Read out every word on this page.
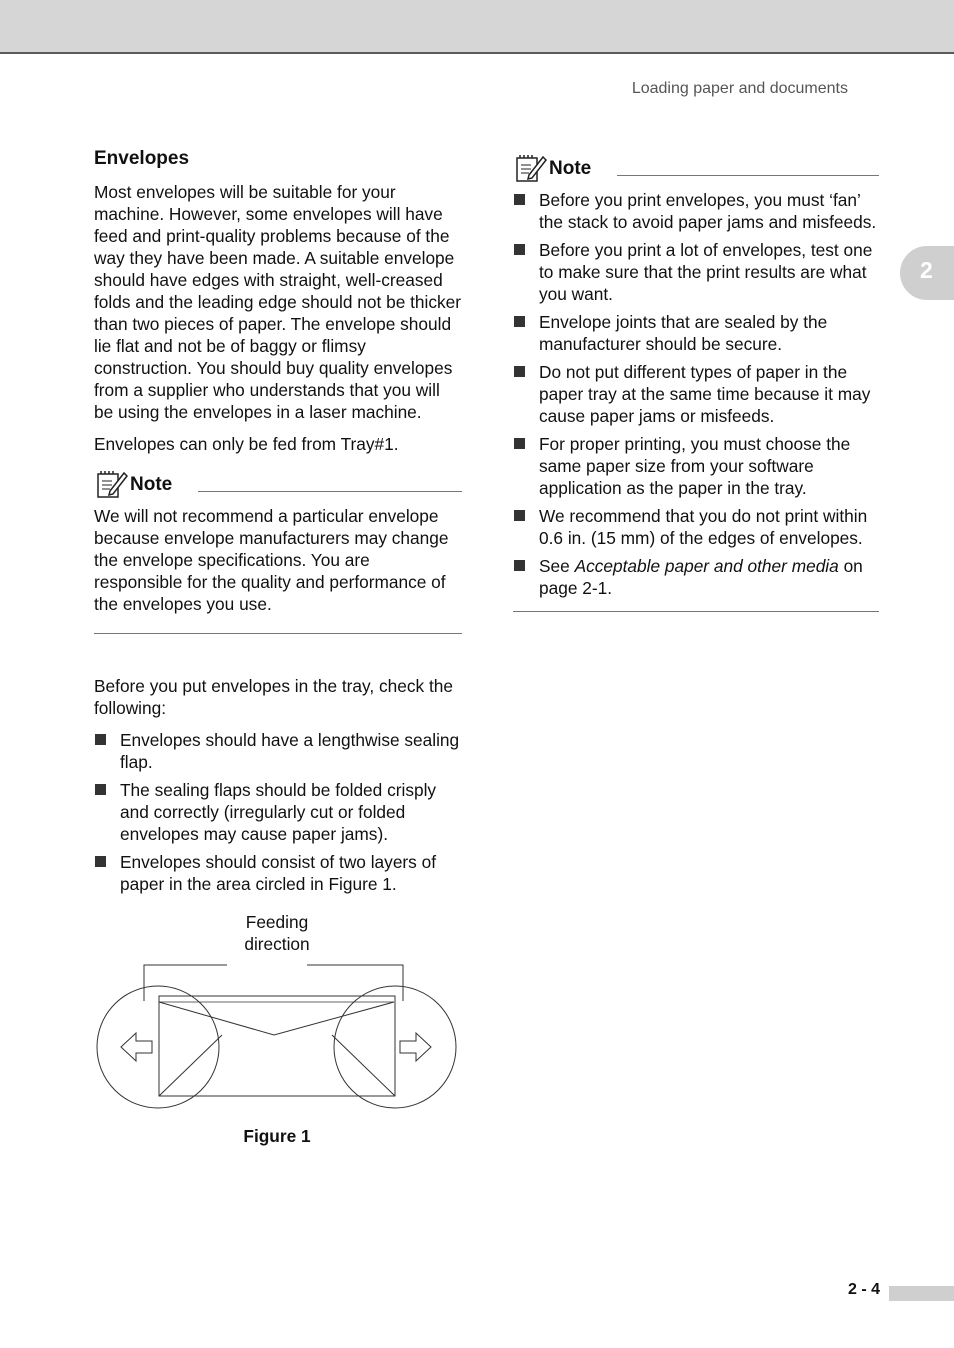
Loading paper and documents
2
Envelopes

Most envelopes will be suitable for your machine. However, some envelopes will have feed and print-quality problems because of the way they have been made. A suitable envelope should have edges with straight, well-creased folds and the leading edge should not be thicker than two pieces of paper. The envelope should lie flat and not be of baggy or flimsy construction. You should buy quality envelopes from a supplier who understands that you will be using the envelopes in a laser machine.

Envelopes can only be fed from Tray#1.

Note

We will not recommend a particular envelope because envelope manufacturers may change the envelope specifications. You are responsible for the quality and performance of the envelopes you use.

Before you put envelopes in the tray, check the following:

Envelopes should have a lengthwise sealing flap.
The sealing flaps should be folded crisply and correctly (irregularly cut or folded envelopes may cause paper jams).
Envelopes should consist of two layers of paper in the area circled in Figure 1.
Feeding
direction
Figure 1
Note
Before you print envelopes, you must ‘fan’ the stack to avoid paper jams and misfeeds.
Before you print a lot of envelopes, test one to make sure that the print results are what you want.
Envelope joints that are sealed by the manufacturer should be secure.
Do not put different types of paper in the paper tray at the same time because it may cause paper jams or misfeeds.
For proper printing, you must choose the same paper size from your software application as the paper in the tray.
We recommend that you do not print within 0.6 in. (15 mm) of the edges of envelopes.
See Acceptable paper and other media on page 2-1.
2 - 4
